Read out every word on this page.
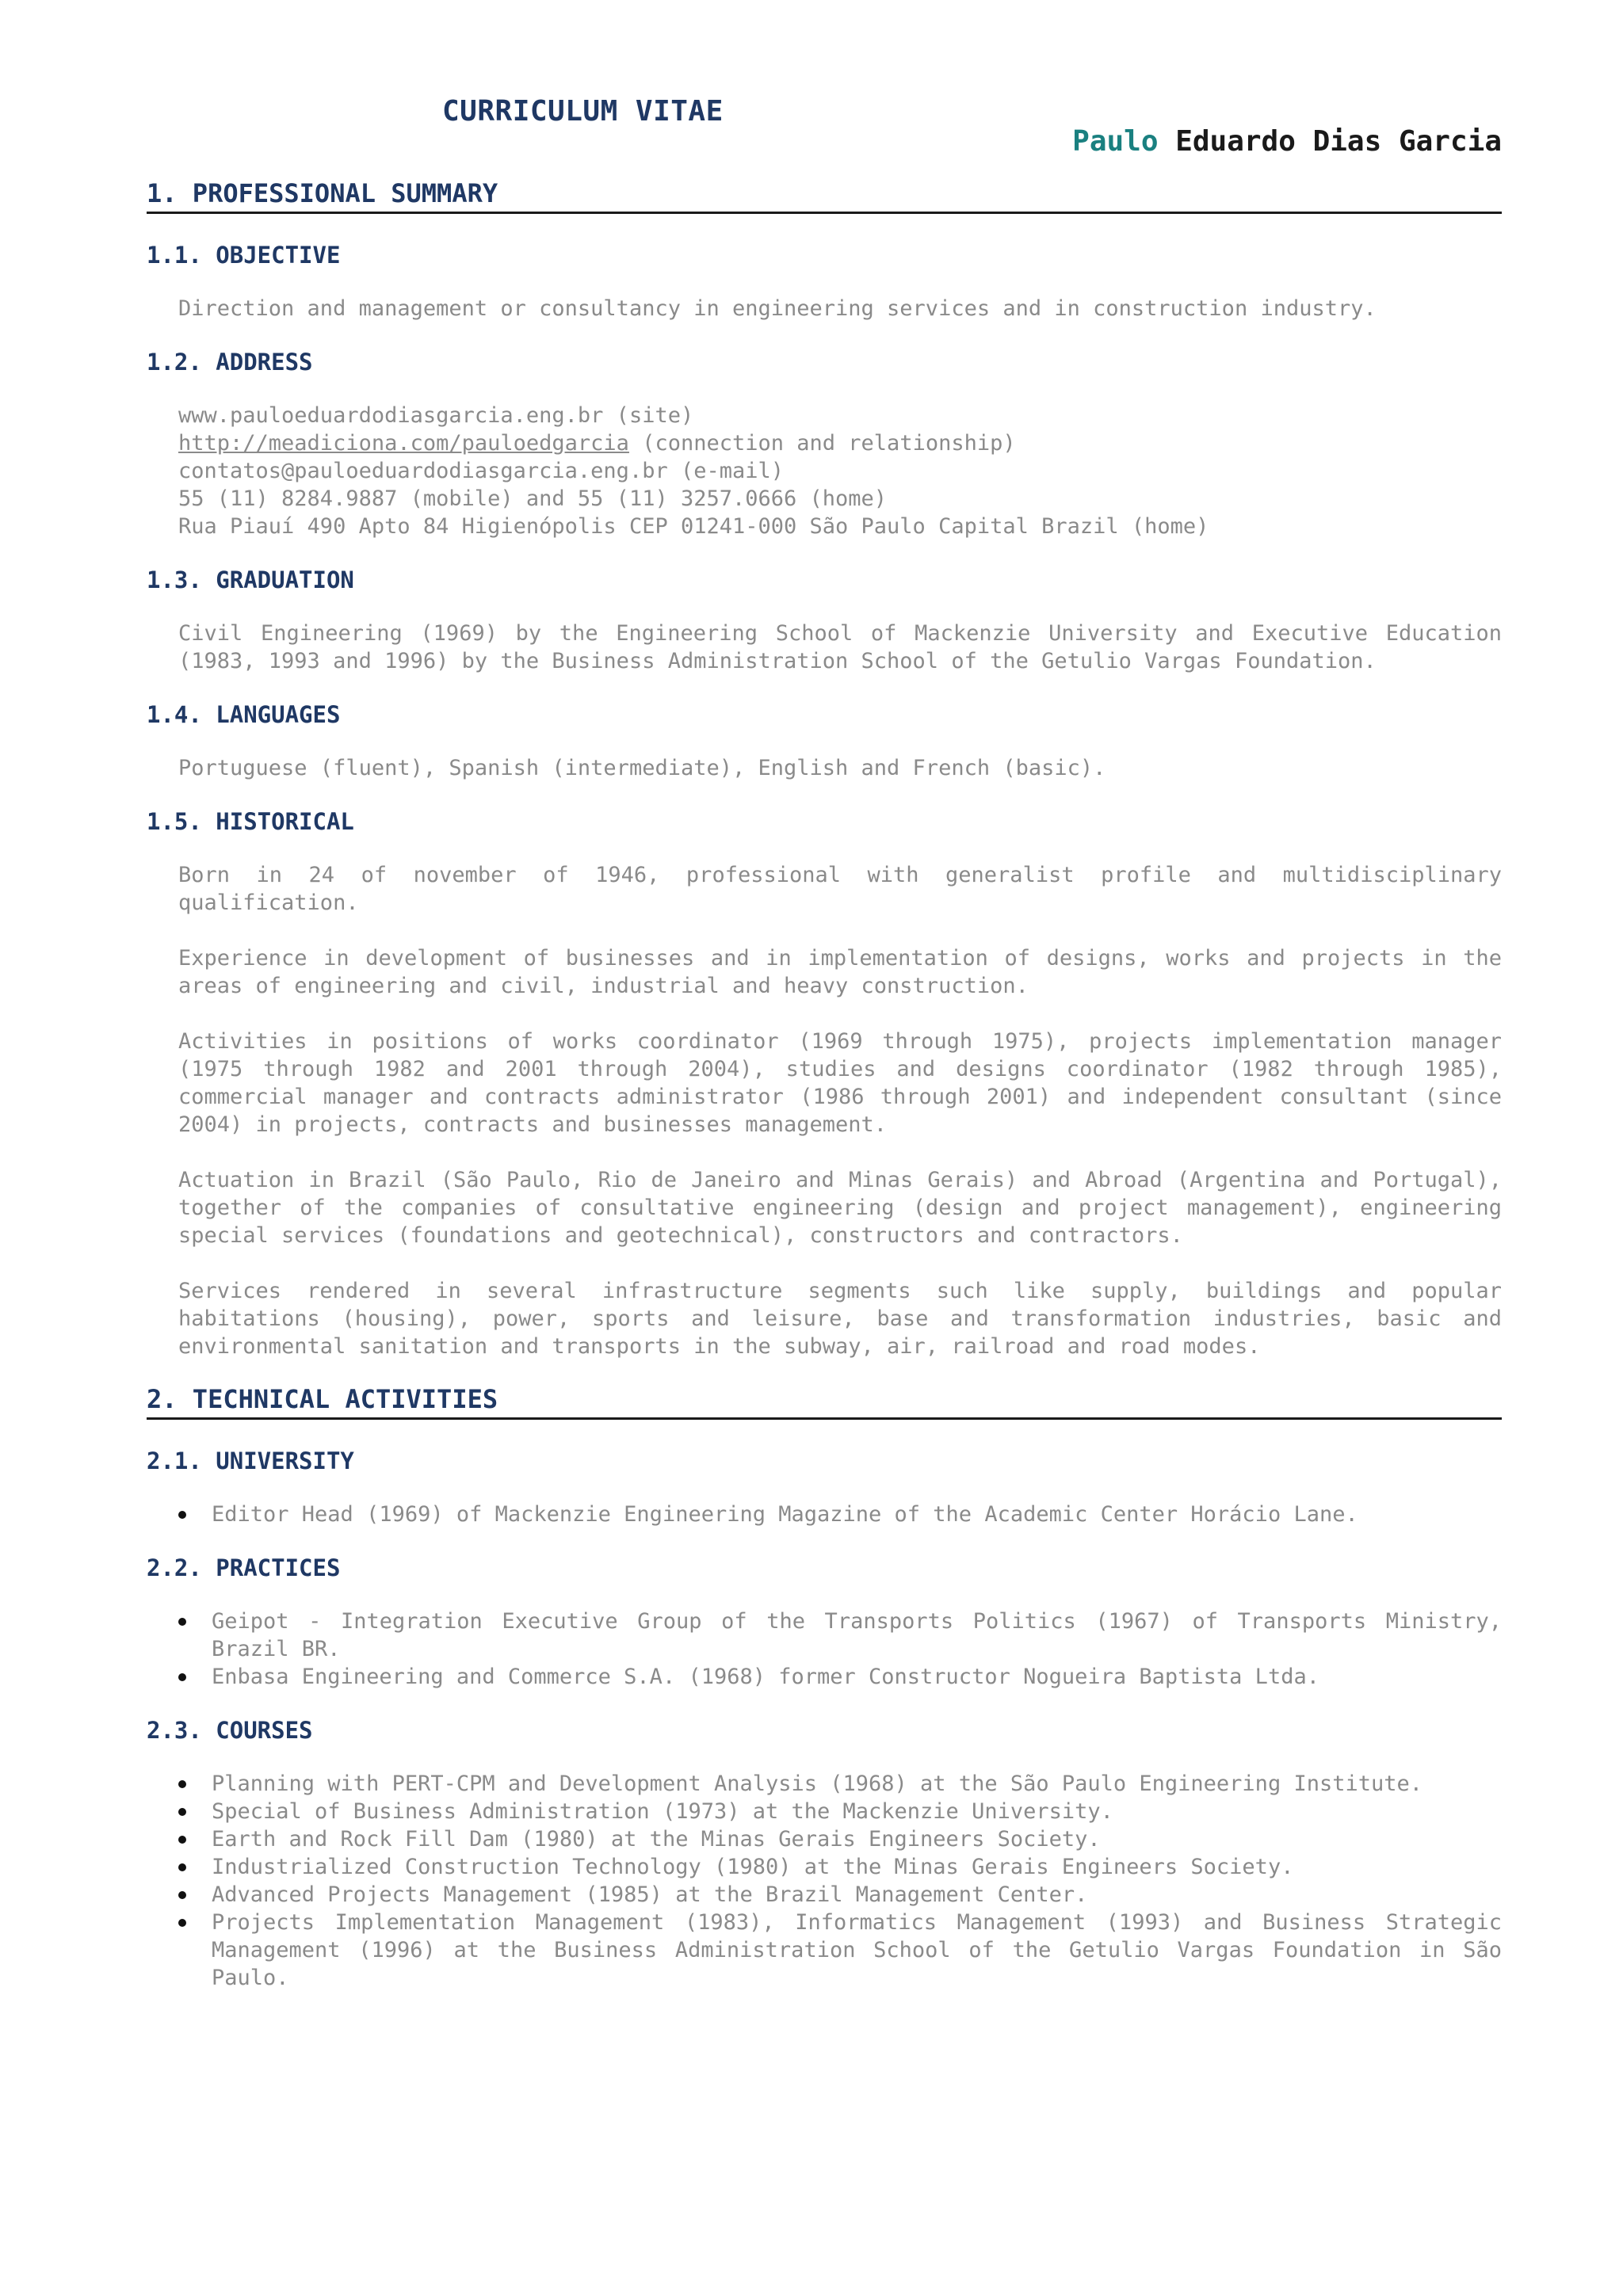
CURRICULUM VITAE
Paulo Eduardo Dias Garcia
1. PROFESSIONAL SUMMARY
1.1. OBJECTIVE

Direction and management or consultancy in engineering services and in construction industry.

1.2. ADDRESS
www.pauloeduardodiasgarcia.eng.br (site)
http://meadiciona.com/pauloedgarcia (connection and relationship)
contatos@pauloeduardodiasgarcia.eng.br (e-mail)
55 (11) 8284.9887 (mobile) and 55 (11) 3257.0666 (home)
Rua Piauí 490 Apto 84 Higienópolis CEP 01241-000 São Paulo Capital Brazil (home)
1.3. GRADUATION

Civil Engineering (1969) by the Engineering School of Mackenzie University and Executive Education (1983, 1993 and 1996) by the Business Administration School of the Getulio Vargas Foundation.

1.4. LANGUAGES

Portuguese (fluent), Spanish (intermediate), English and French (basic).

1.5. HISTORICAL

Born in 24 of november of 1946, professional with generalist profile and multidisciplinary qualification.

Experience in development of businesses and in implementation of designs, works and projects in the areas of engineering and civil, industrial and heavy construction.

Activities in positions of works coordinator (1969 through 1975), projects implementation manager (1975 through 1982 and 2001 through 2004), studies and designs coordinator (1982 through 1985), commercial manager and contracts administrator (1986 through 2001) and independent consultant (since 2004) in projects, contracts and businesses management.

Actuation in Brazil (São Paulo, Rio de Janeiro and Minas Gerais) and Abroad (Argentina and Portugal), together of the companies of consultative engineering (design and project management), engineering special services (foundations and geotechnical), constructors and contractors.

Services rendered in several infrastructure segments such like supply, buildings and popular habitations (housing), power, sports and leisure, base and transformation industries, basic and environmental sanitation and transports in the subway, air, railroad and road modes.

2. TECHNICAL ACTIVITIES
2.1. UNIVERSITY
Editor Head (1969) of Mackenzie Engineering Magazine of the Academic Center Horácio Lane.
2.2. PRACTICES
Geipot - Integration Executive Group of the Transports Politics (1967) of Transports Ministry, Brazil BR.
Enbasa Engineering and Commerce S.A. (1968) former Constructor Nogueira Baptista Ltda.
2.3. COURSES
Planning with PERT-CPM and Development Analysis (1968) at the São Paulo Engineering Institute.
Special of Business Administration (1973) at the Mackenzie University.
Earth and Rock Fill Dam (1980) at the Minas Gerais Engineers Society.
Industrialized Construction Technology (1980) at the Minas Gerais Engineers Society.
Advanced Projects Management (1985) at the Brazil Management Center.
Projects Implementation Management (1983), Informatics Management (1993) and Business Strategic Management (1996) at the Business Administration School of the Getulio Vargas Foundation in São Paulo.
